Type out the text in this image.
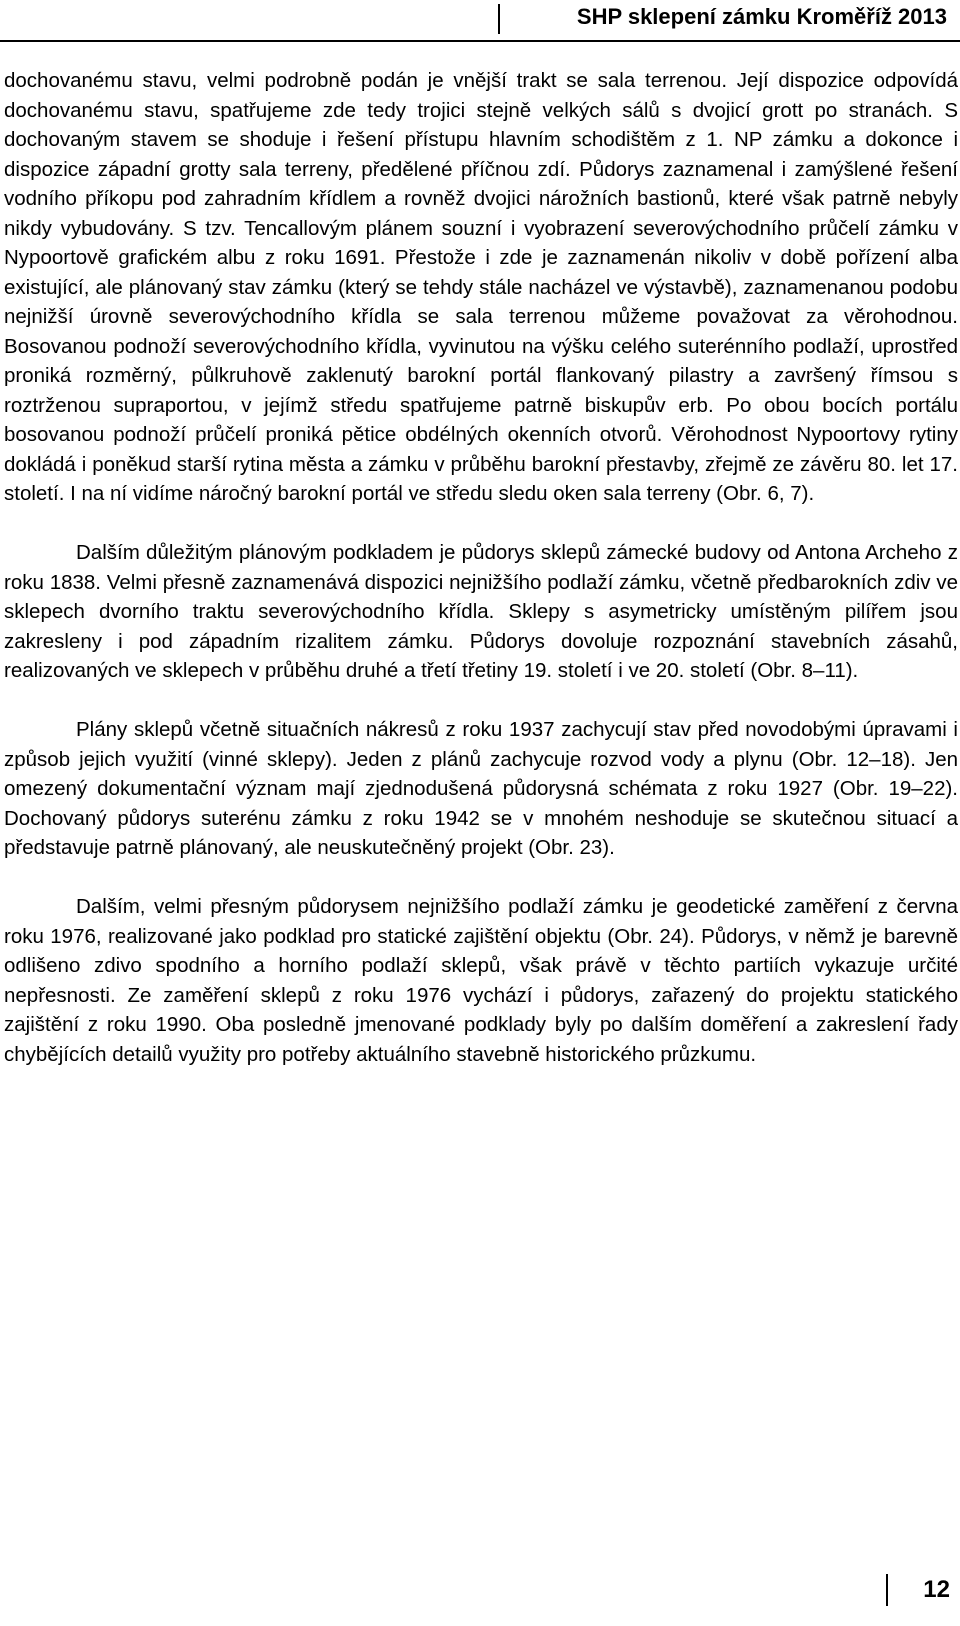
SHP sklepení zámku Kroměříž 2013

dochovanému stavu, velmi podrobně podán je vnější trakt se sala terrenou. Její dispozice odpovídá dochovanému stavu, spatřujeme zde tedy trojici stejně velkých sálů s dvojicí grott po stranách. S dochovaným stavem se shoduje i řešení přístupu hlavním schodištěm z 1. NP zámku a dokonce i dispozice západní grotty sala terreny, předělené příčnou zdí. Půdorys zaznamenal i zamýšlené řešení vodního příkopu pod zahradním křídlem a rovněž dvojici nárožních bastionů, které však patrně nebyly nikdy vybudovány. S tzv. Tencallovým plánem souzní i vyobrazení severovýchodního průčelí zámku v Nypoortově grafickém albu z roku 1691. Přestože i zde je zaznamenán nikoliv v době pořízení alba existující, ale plánovaný stav zámku (který se tehdy stále nacházel ve výstavbě), zaznamenanou podobu nejnižší úrovně severovýchodního křídla se sala terrenou můžeme považovat za věrohodnou. Bosovanou podnoží severovýchodního křídla, vyvinutou na výšku celého suterénního podlaží, uprostřed proniká rozměrný, půlkruhově zaklenutý barokní portál flankovaný pilastry a završený římsou s roztrženou supraportou, v jejímž středu spatřujeme patrně biskupův erb. Po obou bocích portálu bosovanou podnoží průčelí proniká pětice obdélných okenních otvorů. Věrohodnost Nypoortovy rytiny dokládá i poněkud starší rytina města a zámku v průběhu barokní přestavby, zřejmě ze závěru 80. let 17. století. I na ní vidíme náročný barokní portál ve středu sledu oken sala terreny (Obr. 6, 7).

Dalším důležitým plánovým podkladem je půdorys sklepů zámecké budovy od Antona Archeho z roku 1838. Velmi přesně zaznamenává dispozici nejnižšího podlaží zámku, včetně předbarokních zdiv ve sklepech dvorního traktu severovýchodního křídla. Sklepy s asymetricky umístěným pilířem jsou zakresleny i pod západním rizalitem zámku. Půdorys dovoluje rozpoznání stavebních zásahů, realizovaných ve sklepech v průběhu druhé a třetí třetiny 19. století i ve 20. století (Obr. 8–11).

Plány sklepů včetně situačních nákresů z roku 1937 zachycují stav před novodobými úpravami i způsob jejich využití (vinné sklepy). Jeden z plánů zachycuje rozvod vody a plynu (Obr. 12–18). Jen omezený dokumentační význam mají zjednodušená půdorysná schémata z roku 1927 (Obr. 19–22). Dochovaný půdorys suterénu zámku z roku 1942 se v mnohém neshoduje se skutečnou situací a představuje patrně plánovaný, ale neuskutečněný projekt (Obr. 23).

Dalším, velmi přesným půdorysem nejnižšího podlaží zámku je geodetické zaměření z června roku 1976, realizované jako podklad pro statické zajištění objektu (Obr. 24). Půdorys, v němž je barevně odlišeno zdivo spodního a horního podlaží sklepů, však právě v těchto partiích vykazuje určité nepřesnosti. Ze zaměření sklepů z roku 1976 vychází i půdorys, zařazený do projektu statického zajištění z roku 1990. Oba posledně jmenované podklady byly po dalším doměření a zakreslení řady chybějících detailů využity pro potřeby aktuálního stavebně historického průzkumu.

12
